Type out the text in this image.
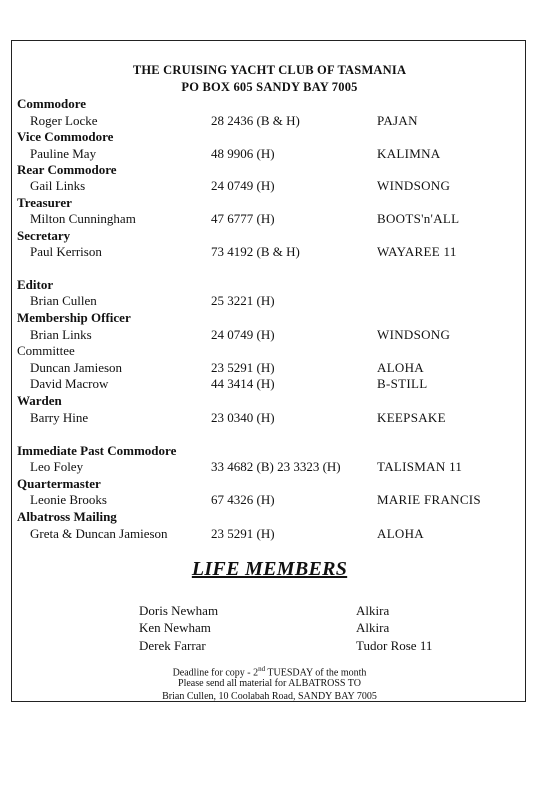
THE CRUISING YACHT CLUB OF TASMANIA
PO BOX 605 SANDY BAY 7005
Commodore
Roger Locke	28 2436 (B & H)	PAJAN
Vice Commodore
Pauline May	48 9906 (H)	KALIMNA
Rear Commodore
Gail Links	24 0749 (H)	WINDSONG
Treasurer
Milton Cunningham	47 6777 (H)	BOOTS'n'ALL
Secretary
Paul Kerrison	73 4192 (B & H)	WAYAREE 11
Editor
Brian Cullen	25 3221 (H)
Membership Officer
Brian Links	24 0749 (H)	WINDSONG
Committee
Duncan Jamieson	23 5291 (H)	ALOHA
David Macrow	44 3414 (H)	B-STILL
Warden
Barry Hine	23 0340 (H)	KEEPSAKE
Immediate Past Commodore
Leo Foley	33 4682 (B) 23 3323 (H)	TALISMAN 11
Quartermaster
Leonie Brooks	67 4326 (H)	MARIE FRANCIS
Albatross Mailing
Greta & Duncan Jamieson	23 5291 (H)	ALOHA
LIFE MEMBERS
Doris Newham	Alkira
Ken Newham	Alkira
Derek Farrar	Tudor Rose 11
Deadline for copy - 2nd TUESDAY of the month
Please send all material for ALBATROSS TO
Brian Cullen, 10 Coolabah Road, SANDY BAY 7005
